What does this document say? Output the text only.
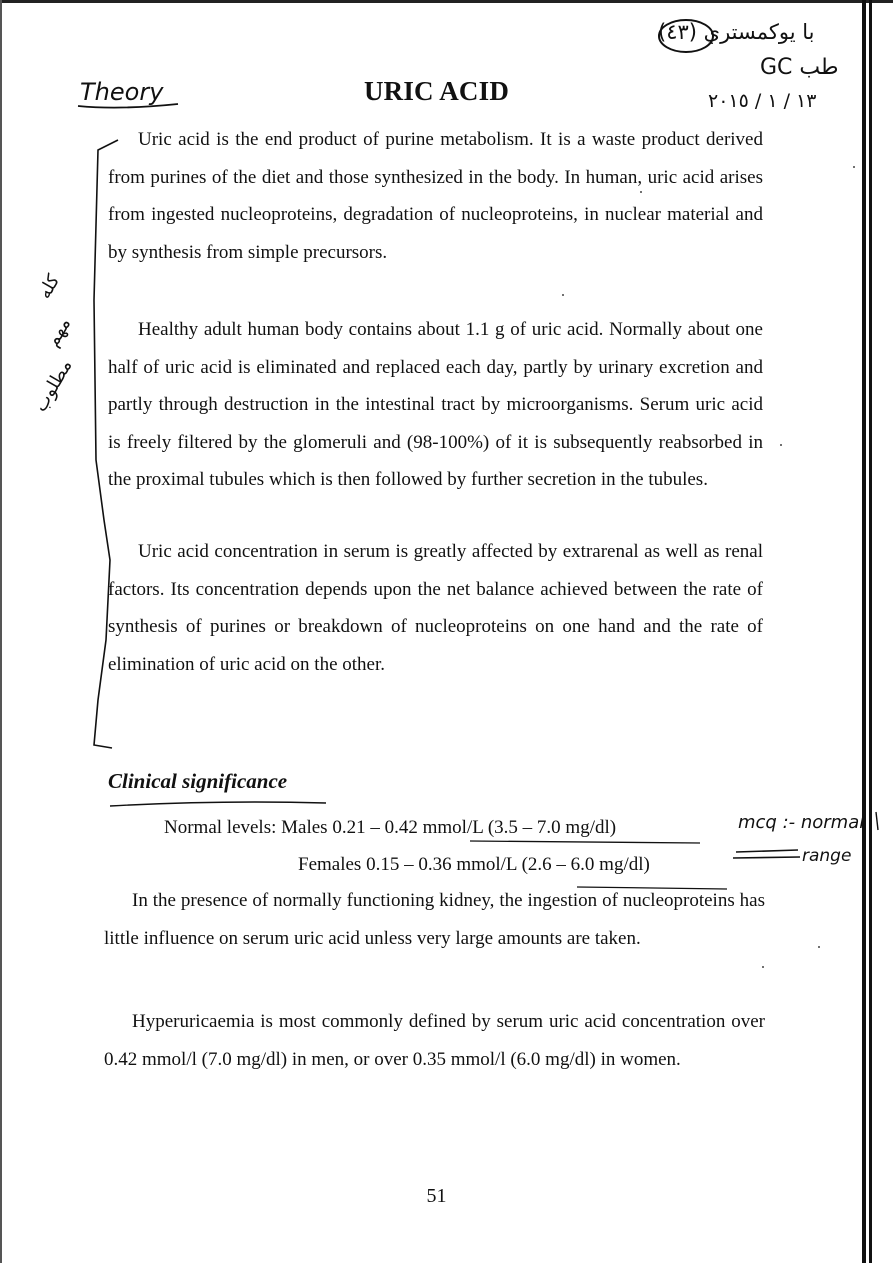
URIC ACID

Uric acid is the end product of purine metabolism. It is a waste product derived from purines of the diet and those synthesized in the body. In human, uric acid arises from ingested nucleoproteins, degradation of nucleoproteins, in nuclear material and by synthesis from simple precursors.

Healthy adult human body contains about 1.1 g of uric acid. Normally about one half of uric acid is eliminated and replaced each day, partly by urinary excretion and partly through destruction in the intestinal tract by microorganisms. Serum uric acid is freely filtered by the glomeruli and (98-100%) of it is subsequently reabsorbed in the proximal tubules which is then followed by further secretion in the tubules.

Uric acid concentration in serum is greatly affected by extrarenal as well as renal factors. Its concentration depends upon the net balance achieved between the rate of synthesis of purines or breakdown of nucleoproteins on one hand and the rate of elimination of uric acid on the other.

Clinical significance
Normal levels: Males 0.21 – 0.42 mmol/L (3.5 – 7.0 mg/dl)
Females 0.15 – 0.36 mmol/L (2.6 – 6.0 mg/dl)

In the presence of normally functioning kidney, the ingestion of nucleoproteins has little influence on serum uric acid unless very large amounts are taken.

Hyperuricaemia is most commonly defined by serum uric acid concentration over 0.42 mmol/l (7.0 mg/dl) in men, or over 0.35 mmol/l (6.0 mg/dl) in women.

51
Theory
با يوكمستري (٤٣)
GC طب
١٣ / ١ / ٢٠١٥
كله
مهم
مطلوب
mcq :- normal
range
